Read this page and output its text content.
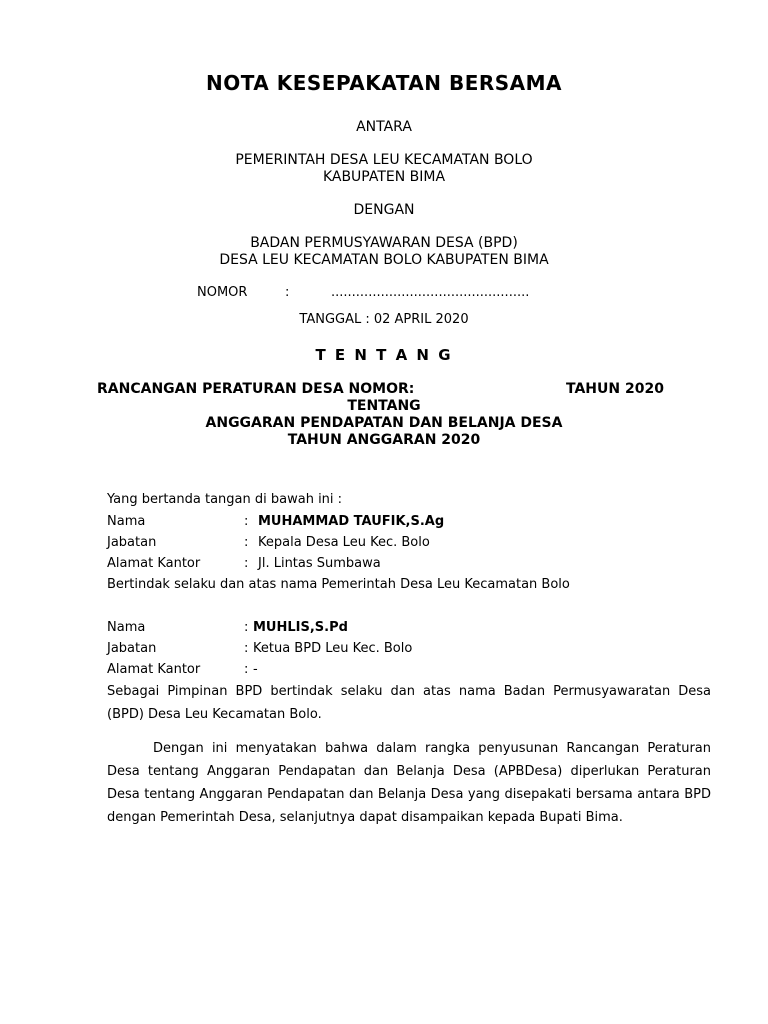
NOTA KESEPAKATAN BERSAMA
ANTARA
PEMERINTAH DESA LEU KECAMATAN BOLO
KABUPATEN BIMA
DENGAN
BADAN PERMUSYAWARAN DESA (BPD)
DESA LEU KECAMATAN BOLO KABUPATEN BIMA
NOMOR	:	................................................
TANGGAL : 02 APRIL 2020
T E N T A N G
RANCANGAN PERATURAN DESA NOMOR:	TAHUN 2020
TENTANG
ANGGARAN PENDAPATAN DAN BELANJA DESA
TAHUN ANGGARAN 2020
Yang bertanda tangan di bawah ini :
Nama	: MUHAMMAD TAUFIK,S.Ag
Jabatan	: Kepala Desa Leu Kec. Bolo
Alamat Kantor	: Jl. Lintas Sumbawa
Bertindak selaku dan atas nama Pemerintah Desa Leu Kecamatan Bolo
Nama	: MUHLIS,S.Pd
Jabatan	: Ketua BPD Leu Kec. Bolo
Alamat Kantor	: -
Sebagai Pimpinan BPD bertindak selaku dan atas nama Badan Permusyawaratan Desa (BPD) Desa Leu Kecamatan Bolo.
Dengan ini menyatakan bahwa dalam rangka penyusunan Rancangan Peraturan Desa tentang Anggaran Pendapatan dan Belanja Desa (APBDesa) diperlukan Peraturan Desa tentang Anggaran Pendapatan dan Belanja Desa yang disepakati bersama antara BPD dengan Pemerintah Desa, selanjutnya dapat disampaikan kepada Bupati Bima.
